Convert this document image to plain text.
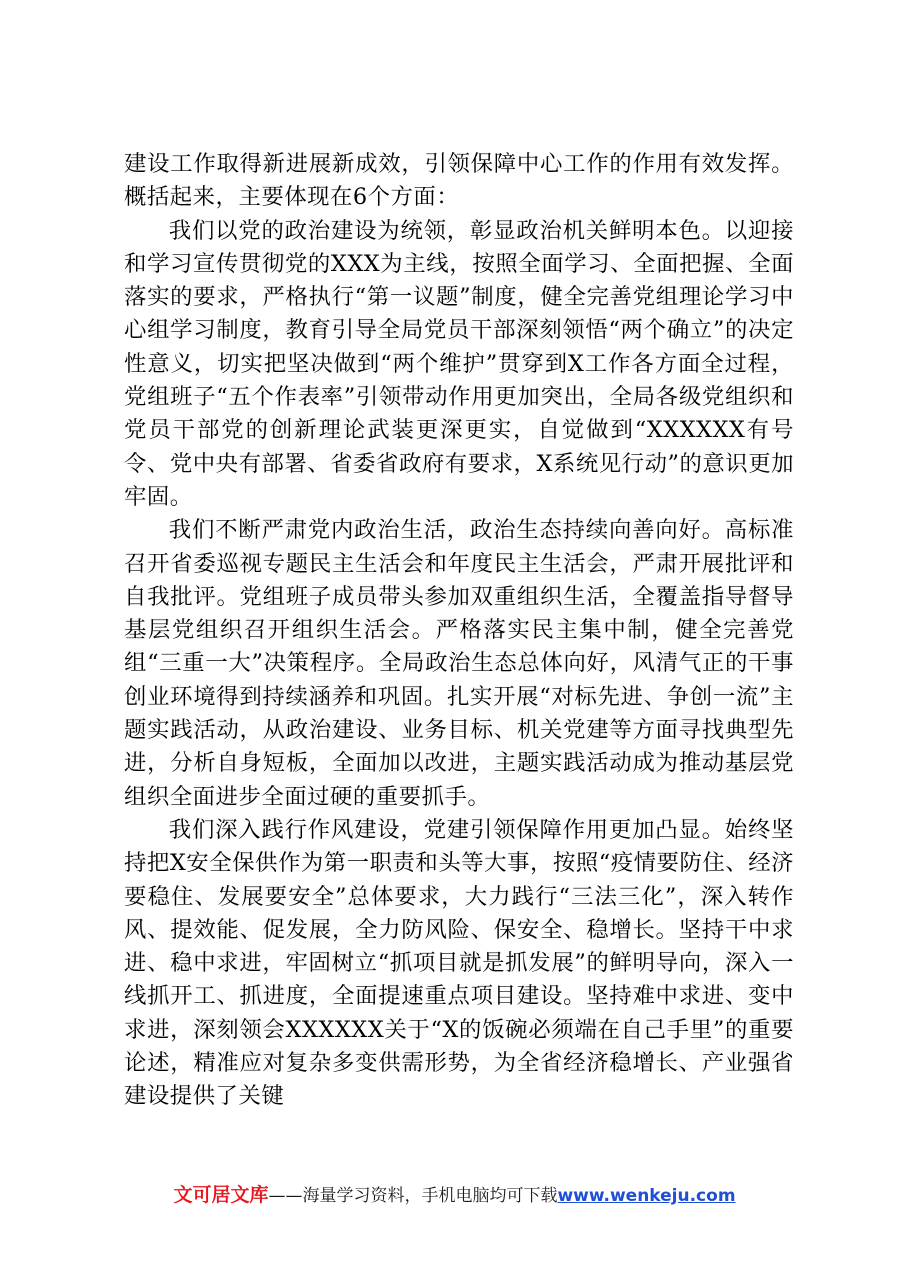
建设工作取得新进展新成效，引领保障中心工作的作用有效发挥。概括起来，主要体现在6个方面：

我们以党的政治建设为统领，彰显政治机关鲜明本色。以迎接和学习宣传贯彻党的XXX为主线，按照全面学习、全面把握、全面落实的要求，严格执行“第一议题”制度，健全完善党组理论学习中心组学习制度，教育引导全局党员干部深刻领悟“两个确立”的决定性意义，切实把坚决做到“两个维护”贯穿到X工作各方面全过程，党组班子“五个作表率”引领带动作用更加突出，全局各级党组织和党员干部党的创新理论武装更深更实，自觉做到“XXXXXX有号令、党中央有部署、省委省政府有要求，X系统见行动”的意识更加牢固。

我们不断严肃党内政治生活，政治生态持续向善向好。高标准召开省委巡视专题民主生活会和年度民主生活会，严肃开展批评和自我批评。党组班子成员带头参加双重组织生活，全覆盖指导督导基层党组织召开组织生活会。严格落实民主集中制，健全完善党组“三重一大”决策程序。全局政治生态总体向好，风清气正的干事创业环境得到持续涵养和巩固。扎实开展“对标先进、争创一流”主题实践活动，从政治建设、业务目标、机关党建等方面寻找典型先进，分析自身短板，全面加以改进，主题实践活动成为推动基层党组织全面进步全面过硬的重要抓手。

我们深入践行作风建设，党建引领保障作用更加凸显。始终坚持把X安全保供作为第一职责和头等大事，按照“疫情要防住、经济要稳住、发展要安全”总体要求，大力践行“三法三化”，深入转作风、提效能、促发展，全力防风险、保安全、稳增长。坚持干中求进、稳中求进，牢固树立“抓项目就是抓发展”的鲜明导向，深入一线抓开工、抓进度，全面提速重点项目建设。坚持难中求进、变中求进，深刻领会XXXXXX关于“X的饭碗必须端在自己手里”的重要论述，精准应对复杂多变供需形势，为全省经济稳增长、产业强省建设提供了关键

文可居文库——海量学习资料，手机电脑均可下载www.wenkeju.com
